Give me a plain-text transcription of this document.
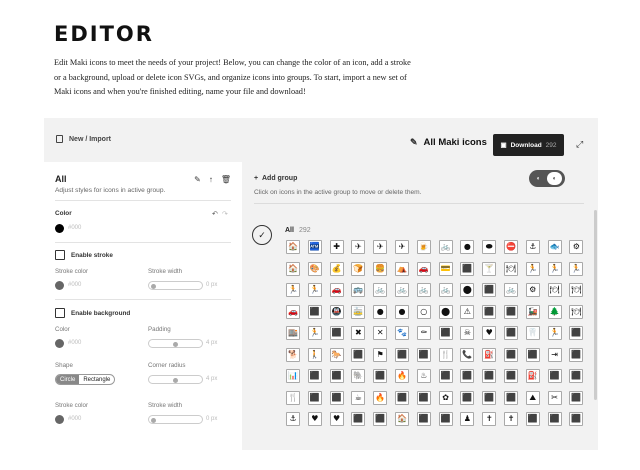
EDITOR

Edit Maki icons to meet the needs of your project! Below, you can change the color of an icon, add a stroke or a background, upload or delete icon SVGs, and organize icons into groups. To start, import a new set of Maki icons and when you're finished editing, name your file and download!

New / Import	✎ All Maki icons ▣ Download 292 ⤢
All	✎ ↑ 🗑
Adjust styles for icons in active group.
Color	↶ ↷
#000
Enable stroke
Stroke color	Stroke width
#000	0 px
Enable background
Color	Padding
#000	4 px
Shape	Corner radius
Circle	Rectangle	4 px
Stroke color	Stroke width
#000	0 px
+  Add group
Click on icons in the active group to move or delete them.
◐	◐
✓	All 292
🏠 🏧	✚	✈	✈	✈	🍺 🚲	●	⬬	⛔	⚓	🐟	⚙
🏠 🎨 💰 🍞 🍔 ⛺ 🚗 💳 ⬛ 🍸 🍽 🏃 🏃 🏃
🏃 🏃 🚗 🚌 🚲 🚲 🚲 🚲	⬤	⬛ 🚲	⚙	🍽 🍽
🚗 ⬛ 🚇 🚋	●	●	○	⬤	⚠	⬛ ⬛ 🚂 🌲 🍽
🏬 🏃 ⬛	✖	✕	🐾	⚰	⬛	☠	♥	⬛ 🦷 🏃 ⬛
🐕 🚶 🐎 ⬛	⚑	⬛ ⬛ 🍴 📞 ⛽ ⬛ ⬛	⇥	⬛
📊 ⬛ ⬛ 🐘 ⬛ 🔥	♨	⬛ ⬛ ⬛ ⬛ ⛽ ⬛ ⬛
🍴 ⬛ ⬛	☕	🔥 ⬛ ⬛	✿	⬛ ⬛ ⬛	⛰	✂	⬛
⚓	♥	♥	⬛ ⬛ 🏠 ⬛ ⬛	♟	✝	✝	⬛ ⬛ ⬛
